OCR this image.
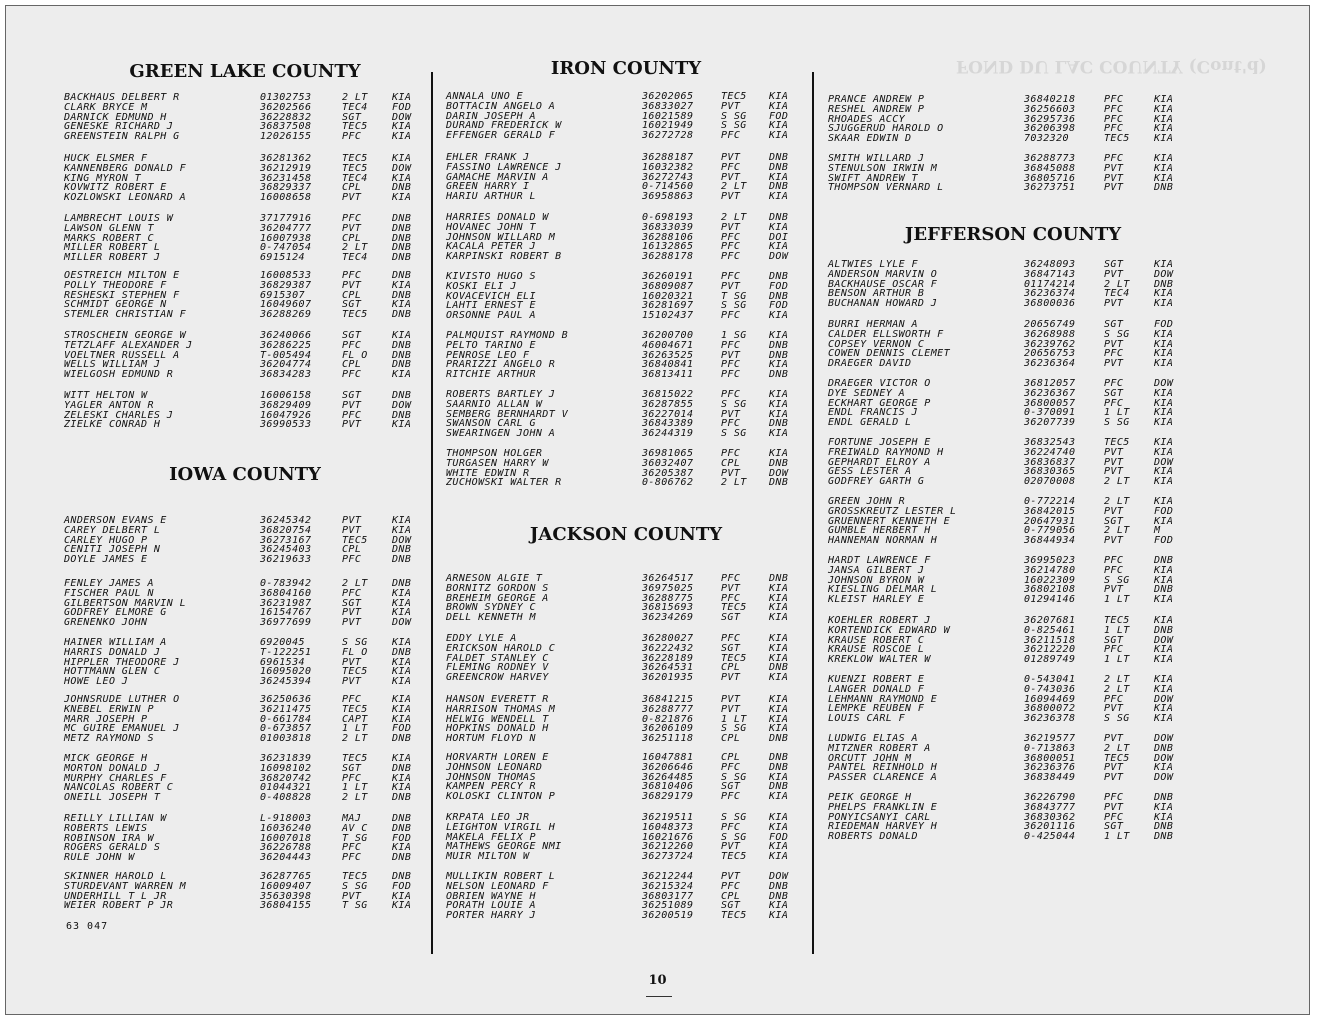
FOND DU LAC COUNTY (Cont'd)
GREEN LAKE COUNTY
BACKHAUS DELBERT R	01302753	2 LT KIA
CLARK BRYCE M	36202566	TEC4 FOD
DARNICK EDMUND H	36228832	SGT	DOW
GENESKE RICHARD J	36837508	TEC5 KIA
GREENSTEIN RALPH G	12026155	PFC	KIA
HUCK ELSMER F	36281362	TEC5 KIA
KANNENBERG DONALD F	36212919	TEC5 DOW
KING MYRON T	36231458	TEC4 KIA
KOVWITZ ROBERT E	36829337	CPL	DNB
KOZLOWSKI LEONARD A	16008658	PVT	KIA
LAMBRECHT LOUIS W	37177916	PFC	DNB
LAWSON GLENN T	36204777	PVT	DNB
MARKS ROBERT C	16007938	CPL	DNB
MILLER ROBERT L	0-747054	2 LT DNB
MILLER ROBERT J	6915124	TEC4 DNB
OESTREICH MILTON E	16008533	PFC	DNB
POLLY THEODORE F	36829387	PVT	KIA
RESHESKI STEPHEN F	6915307	CPL	DNB
SCHMIDT GEORGE N	16049607	SGT	KIA
STEMLER CHRISTIAN F	36288269	TEC5 DNB
STROSCHEIN GEORGE W	36240066	SGT	KIA
TETZLAFF ALEXANDER J	36286225	PFC	DNB
VOELTNER RUSSELL A	T-005494	FL O DNB
WELLS WILLIAM J	36204774	CPL	DNB
WIELGOSH EDMUND R	36834283	PFC	KIA
WITT HELTON W	16006158	SGT	DNB
YAGLER ANTON R	36829409	PVT	DOW
ZELESKI CHARLES J	16047926	PFC	DNB
ZIELKE CONRAD H	36990533	PVT	KIA
IOWA COUNTY
ANDERSON EVANS E	36245342	PVT	KIA
CAREY DELBERT L	36820754	PVT	KIA
CARLEY HUGO P	36273167	TEC5 DOW
CENITI JOSEPH N	36245403	CPL	DNB
DOYLE JAMES E	36219633	PFC	DNB
FENLEY JAMES A	0-783942	2 LT DNB
FISCHER PAUL N	36804160	PFC	KIA
GILBERTSON MARVIN L	36231987	SGT	KIA
GODFREY ELMORE G	16154767	PVT	KIA
GRENENKO JOHN	36977699	PVT	DOW
HAINER WILLIAM A	6920045	S SG KIA
HARRIS DONALD J	T-122251	FL O DNB
HIPPLER THEODORE J	6961534	PVT	KIA
HOTTMANN GLEN C	16095020	TEC5 KIA
HOWE LEO J	36245394	PVT	KIA
JOHNSRUDE LUTHER O	36250636	PFC	KIA
KNEBEL ERWIN P	36211475	TEC5 KIA
MARR JOSEPH P	0-661784	CAPT KIA
MC GUIRE EMANUEL J	0-673857	1 LT FOD
METZ RAYMOND S	01003818	2 LT DNB
MICK GEORGE H	36231839	TEC5 KIA
MORTON DONALD J	16098102	SGT	DNB
MURPHY CHARLES F	36820742	PFC	KIA
NANCOLAS ROBERT C	01044321	1 LT KIA
ONEILL JOSEPH T	0-408828	2 LT DNB
REILLY LILLIAN W	L-918003	MAJ	DNB
ROBERTS LEWIS	16036240	AV C DNB
ROBINSON IRA W	16007018	T SG FOD
ROGERS GERALD S	36226788	PFC	KIA
RULE JOHN W	36204443	PFC	DNB
SKINNER HAROLD L	36287765	TEC5 DNB
STURDEVANT WARREN M	16009407	S SG FOD
UNDERHILL T L JR	35630398	PVT	KIA
WEIER ROBERT P JR	36804155	T SG KIA
IRON COUNTY
ANNALA UNO E	36202065	TEC5 KIA
BOTTACIN ANGELO A	36833027	PVT	KIA
DARIN JOSEPH A	16021589	S SG FOD
DURAND FREDERICK W	16021949	S SG KIA
EFFENGER GERALD F	36272728	PFC	KIA
EHLER FRANK J	36288187	PVT	DNB
FASSINO LAWRENCE J	16032382	PFC	DNB
GAMACHE MARVIN A	36272743	PVT	KIA
GREEN HARRY I	0-714560	2 LT DNB
HARIU ARTHUR L	36958863	PVT	KIA
HARRIES DONALD W	0-698193	2 LT DNB
HOVANEC JOHN T	36833039	PVT	KIA
JOHNSON WILLARD M	36288106	PFC	DOI
KACALA PETER J	16132865	PFC	KIA
KARPINSKI ROBERT B	36288178	PFC	DOW
KIVISTO HUGO S	36260191	PFC	DNB
KOSKI ELI J	36809087	PVT	FOD
KOVACEVICH ELI	16020321	T SG DNB
LAHTI ERNEST E	36281697	S SG FOD
ORSONNE PAUL A	15102437	PFC	KIA
PALMQUIST RAYMOND B	36200700	1 SG KIA
PELTO TARINO E	46004671	PFC	DNB
PENROSE LEO F	36263525	PVT	DNB
PRARIZZI ANGELO R	36840841	PFC	KIA
RITCHIE ARTHUR	36813411	PFC	DNB
ROBERTS BARTLEY J	36815022	PFC	KIA
SAARNIO ALLAN W	36287855	S SG KIA
SEMBERG BERNHARDT V	36227014	PVT	KIA
SWANSON CARL G	36843389	PFC	DNB
SWEARINGEN JOHN A	36244319	S SG KIA
THOMPSON HOLGER	36981065	PFC	KIA
TURGASEN HARRY W	36032407	CPL	DNB
WHITE EDWIN R	36205387	PVT	DOW
ZUCHOWSKI WALTER R	0-806762	2 LT DNB
JACKSON COUNTY
ARNESON ALGIE T	36264517	PFC	DNB
BORNITZ GORDON S	36975025	PVT	KIA
BREHEIM GEORGE A	36288775	PFC	KIA
BROWN SYDNEY C	36815693	TEC5 KIA
DELL KENNETH M	36234269	SGT	KIA
EDDY LYLE A	36280027	PFC	KIA
ERICKSON HAROLD C	36222432	SGT	KIA
FALDET STANLEY C	36228189	TEC5 KIA
FLEMING RODNEY V	36264531	CPL	DNB
GREENCROW HARVEY	36201935	PVT	KIA
HANSON EVERETT R	36841215	PVT	KIA
HARRISON THOMAS M	36288777	PVT	KIA
HELWIG WENDELL T	0-821876	1 LT KIA
HOPKINS DONALD H	36206109	S SG KIA
HORTUM FLOYD N	36251118	CPL	DNB
HORVARTH LOREN E	16047881	CPL	DNB
JOHNSON LEONARD	36206646	PFC	DNB
JOHNSON THOMAS	36264485	S SG KIA
KAMPEN PERCY R	36810406	SGT	DNB
KOLOSKI CLINTON P	36829179	PFC	KIA
KRPATA LEO JR	36219511	S SG KIA
LEIGHTON VIRGIL H	16048373	PFC	KIA
MAKELA FELIX P	16021676	S SG FOD
MATHEWS GEORGE NMI	36212260	PVT	KIA
MUIR MILTON W	36273724	TEC5 KIA
MULLIKIN ROBERT L	36212244	PVT	DOW
NELSON LEONARD F	36215324	PFC	DNB
OBRIEN WAYNE H	36803177	CPL	DNB
PORATH LOUIE A	36251089	SGT	KIA
PORTER HARRY J	36200519	TEC5 KIA
PRANCE ANDREW P	36840218	PFC	KIA
RESHEL ANDREW P	36256603	PFC	KIA
RHOADES ACCY	36295736	PFC	KIA
SJUGGERUD HAROLD O	36206398	PFC	KIA
SKAAR EDWIN D	7032320	TEC5 KIA
SMITH WILLARD J	36288773	PFC	KIA
STENULSON IRWIN M	36845088	PVT	KIA
SWIFT ANDREW T	36805716	PVT	KIA
THOMPSON VERNARD L	36273751	PVT	DNB
JEFFERSON COUNTY
ALTWIES LYLE F	36248093	SGT	KIA
ANDERSON MARVIN O	36847143	PVT	DOW
BACKHAUSE OSCAR F	01174214	2 LT DNB
BENSON ARTHUR B	36236374	TEC4 KIA
BUCHANAN HOWARD J	36800036	PVT	KIA
BURRI HERMAN A	20656749	SGT	FOD
CALDER ELLSWORTH F	36268988	S SG KIA
COPSEY VERNON C	36239762	PVT	KIA
COWEN DENNIS CLEMET	20656753	PFC	KIA
DRAEGER DAVID	36236364	PVT	KIA
DRAEGER VICTOR O	36812057	PFC	DOW
DYE SEDNEY A	36236367	SGT	KIA
ECKHART GEORGE P	36800057	PFC	KIA
ENDL FRANCIS J	0-370091	1 LT KIA
ENDL GERALD L	36207739	S SG KIA
FORTUNE JOSEPH E	36832543	TEC5 KIA
FREIWALD RAYMOND H	36224740	PVT	KIA
GEPHARDT ELROY A	36836837	PVT	DOW
GESS LESTER A	36830365	PVT	KIA
GODFREY GARTH G	02070008	2 LT KIA
GREEN JOHN R	0-772214	2 LT KIA
GROSSKREUTZ LESTER L	36842015	PVT	FOD
GRUENNERT KENNETH E	20647931	SGT	KIA
GUMBLE HERBERT H	0-779056	2 LT M
HANNEMAN NORMAN H	36844934	PVT	FOD
HARDT LAWRENCE F	36995023	PFC	DNB
JANSA GILBERT J	36214780	PFC	KIA
JOHNSON BYRON W	16022309	S SG KIA
KIESLING DELMAR L	36802108	PVT	DNB
KLEIST HARLEY E	01294146	1 LT KIA
KOEHLER ROBERT J	36207681	TEC5 KIA
KORTENDICK EDWARD W	0-825461	1 LT DNB
KRAUSE ROBERT C	36211518	SGT	DOW
KRAUSE ROSCOE L	36212220	PFC	KIA
KREKLOW WALTER W	01289749	1 LT KIA
KUENZI ROBERT E	0-543041	2 LT KIA
LANGER DONALD F	0-743036	2 LT KIA
LEHMANN RAYMOND E	16094469	PFC	DOW
LEMPKE REUBEN F	36800072	PVT	KIA
LOUIS CARL F	36236378	S SG KIA
LUDWIG ELIAS A	36219577	PVT	DOW
MITZNER ROBERT A	0-713863	2 LT DNB
ORCUTT JOHN M	36800051	TEC5 DOW
PANTEL REINHOLD H	36236376	PVT	KIA
PASSER CLARENCE A	36838449	PVT	DOW
PEIK GEORGE H	36226790	PFC	DNB
PHELPS FRANKLIN E	36843777	PVT	KIA
PONYICSANYI CARL	36830362	PFC	KIA
RIEDEMAN HARVEY H	36201116	SGT	DNB
ROBERTS DONALD	0-425044	1 LT DNB
63 047
10
